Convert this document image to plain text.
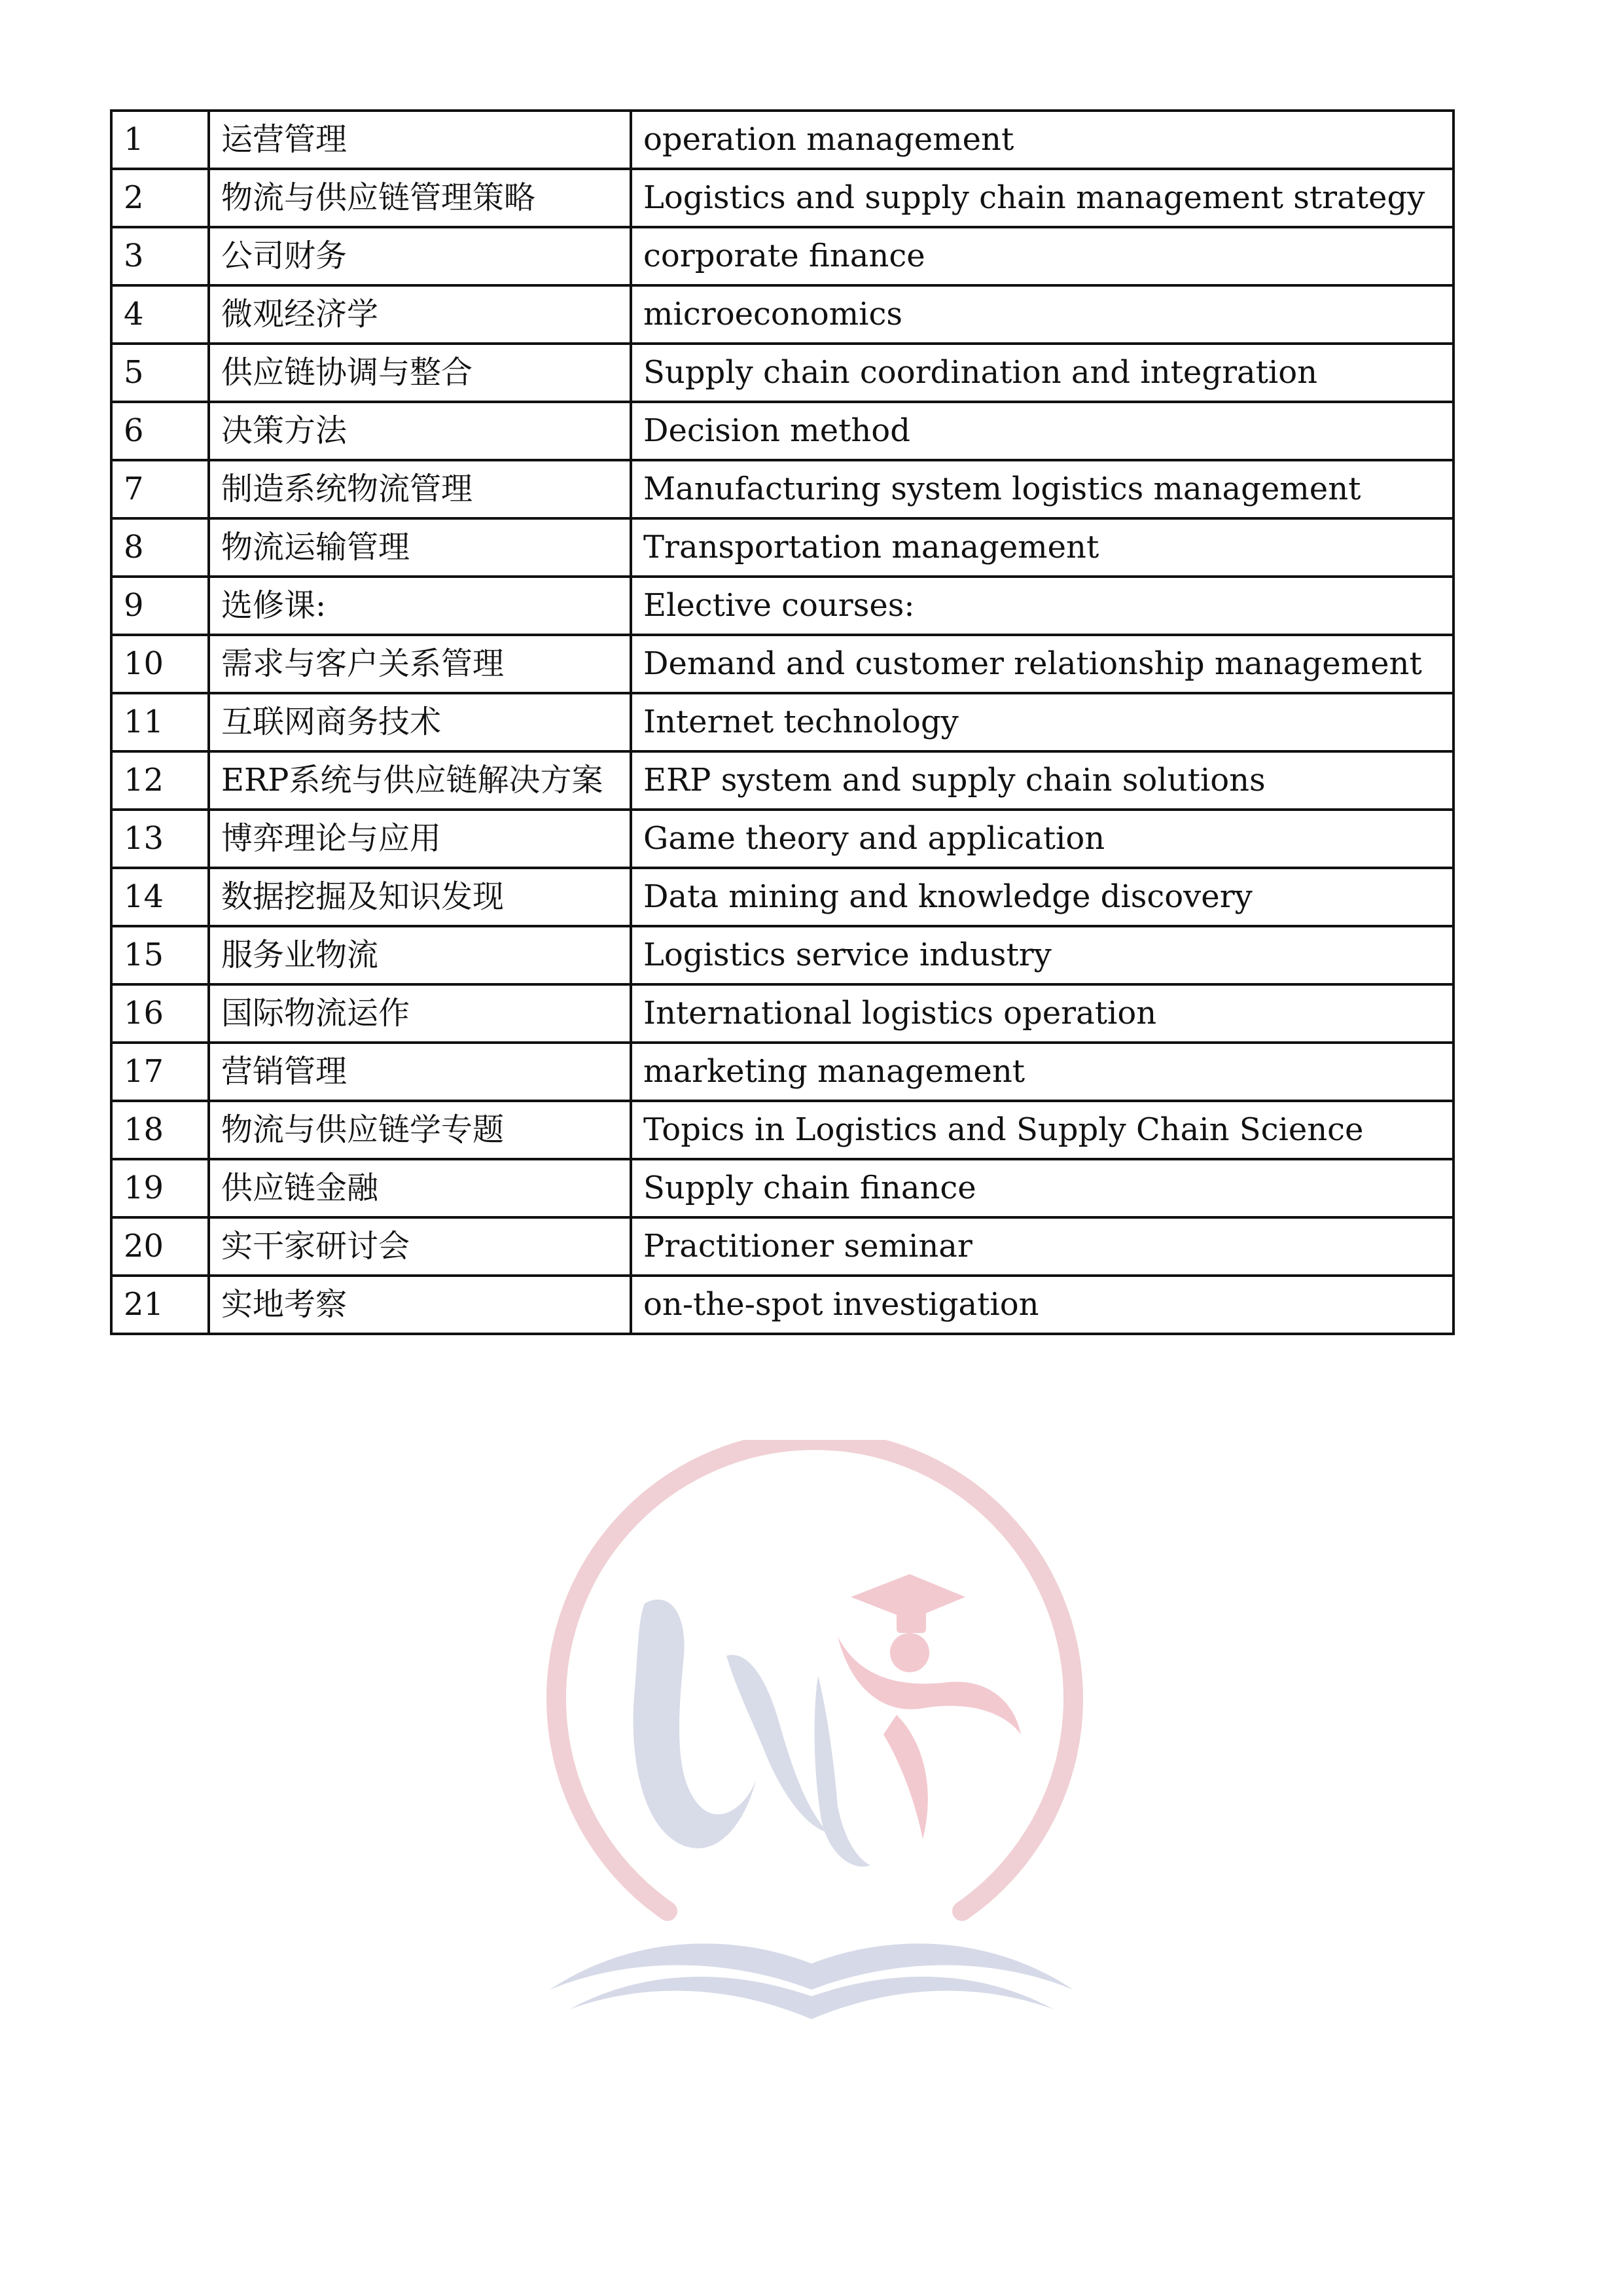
1	运营管理	operation management
2	物流与供应链管理策略	Logistics and supply chain management strategy
3	公司财务	corporate finance
4	微观经济学	microeconomics
5	供应链协调与整合	Supply chain coordination and integration
6	决策方法	Decision method
7	制造系统物流管理	Manufacturing system logistics management
8	物流运输管理	Transportation management
9	选修课:	Elective courses:
10	需求与客户关系管理	Demand and customer relationship management
11	互联网商务技术	Internet technology
12	ERP系统与供应链解决方案	ERP system and supply chain solutions
13	博弈理论与应用	Game theory and application
14	数据挖掘及知识发现	Data mining and knowledge discovery
15	服务业物流	Logistics service industry
16	国际物流运作	International logistics operation
17	营销管理	marketing management
18	物流与供应链学专题	Topics in Logistics and Supply Chain Science
19	供应链金融	Supply chain finance
20	实干家研讨会	Practitioner seminar
21	实地考察	on-the-spot investigation
